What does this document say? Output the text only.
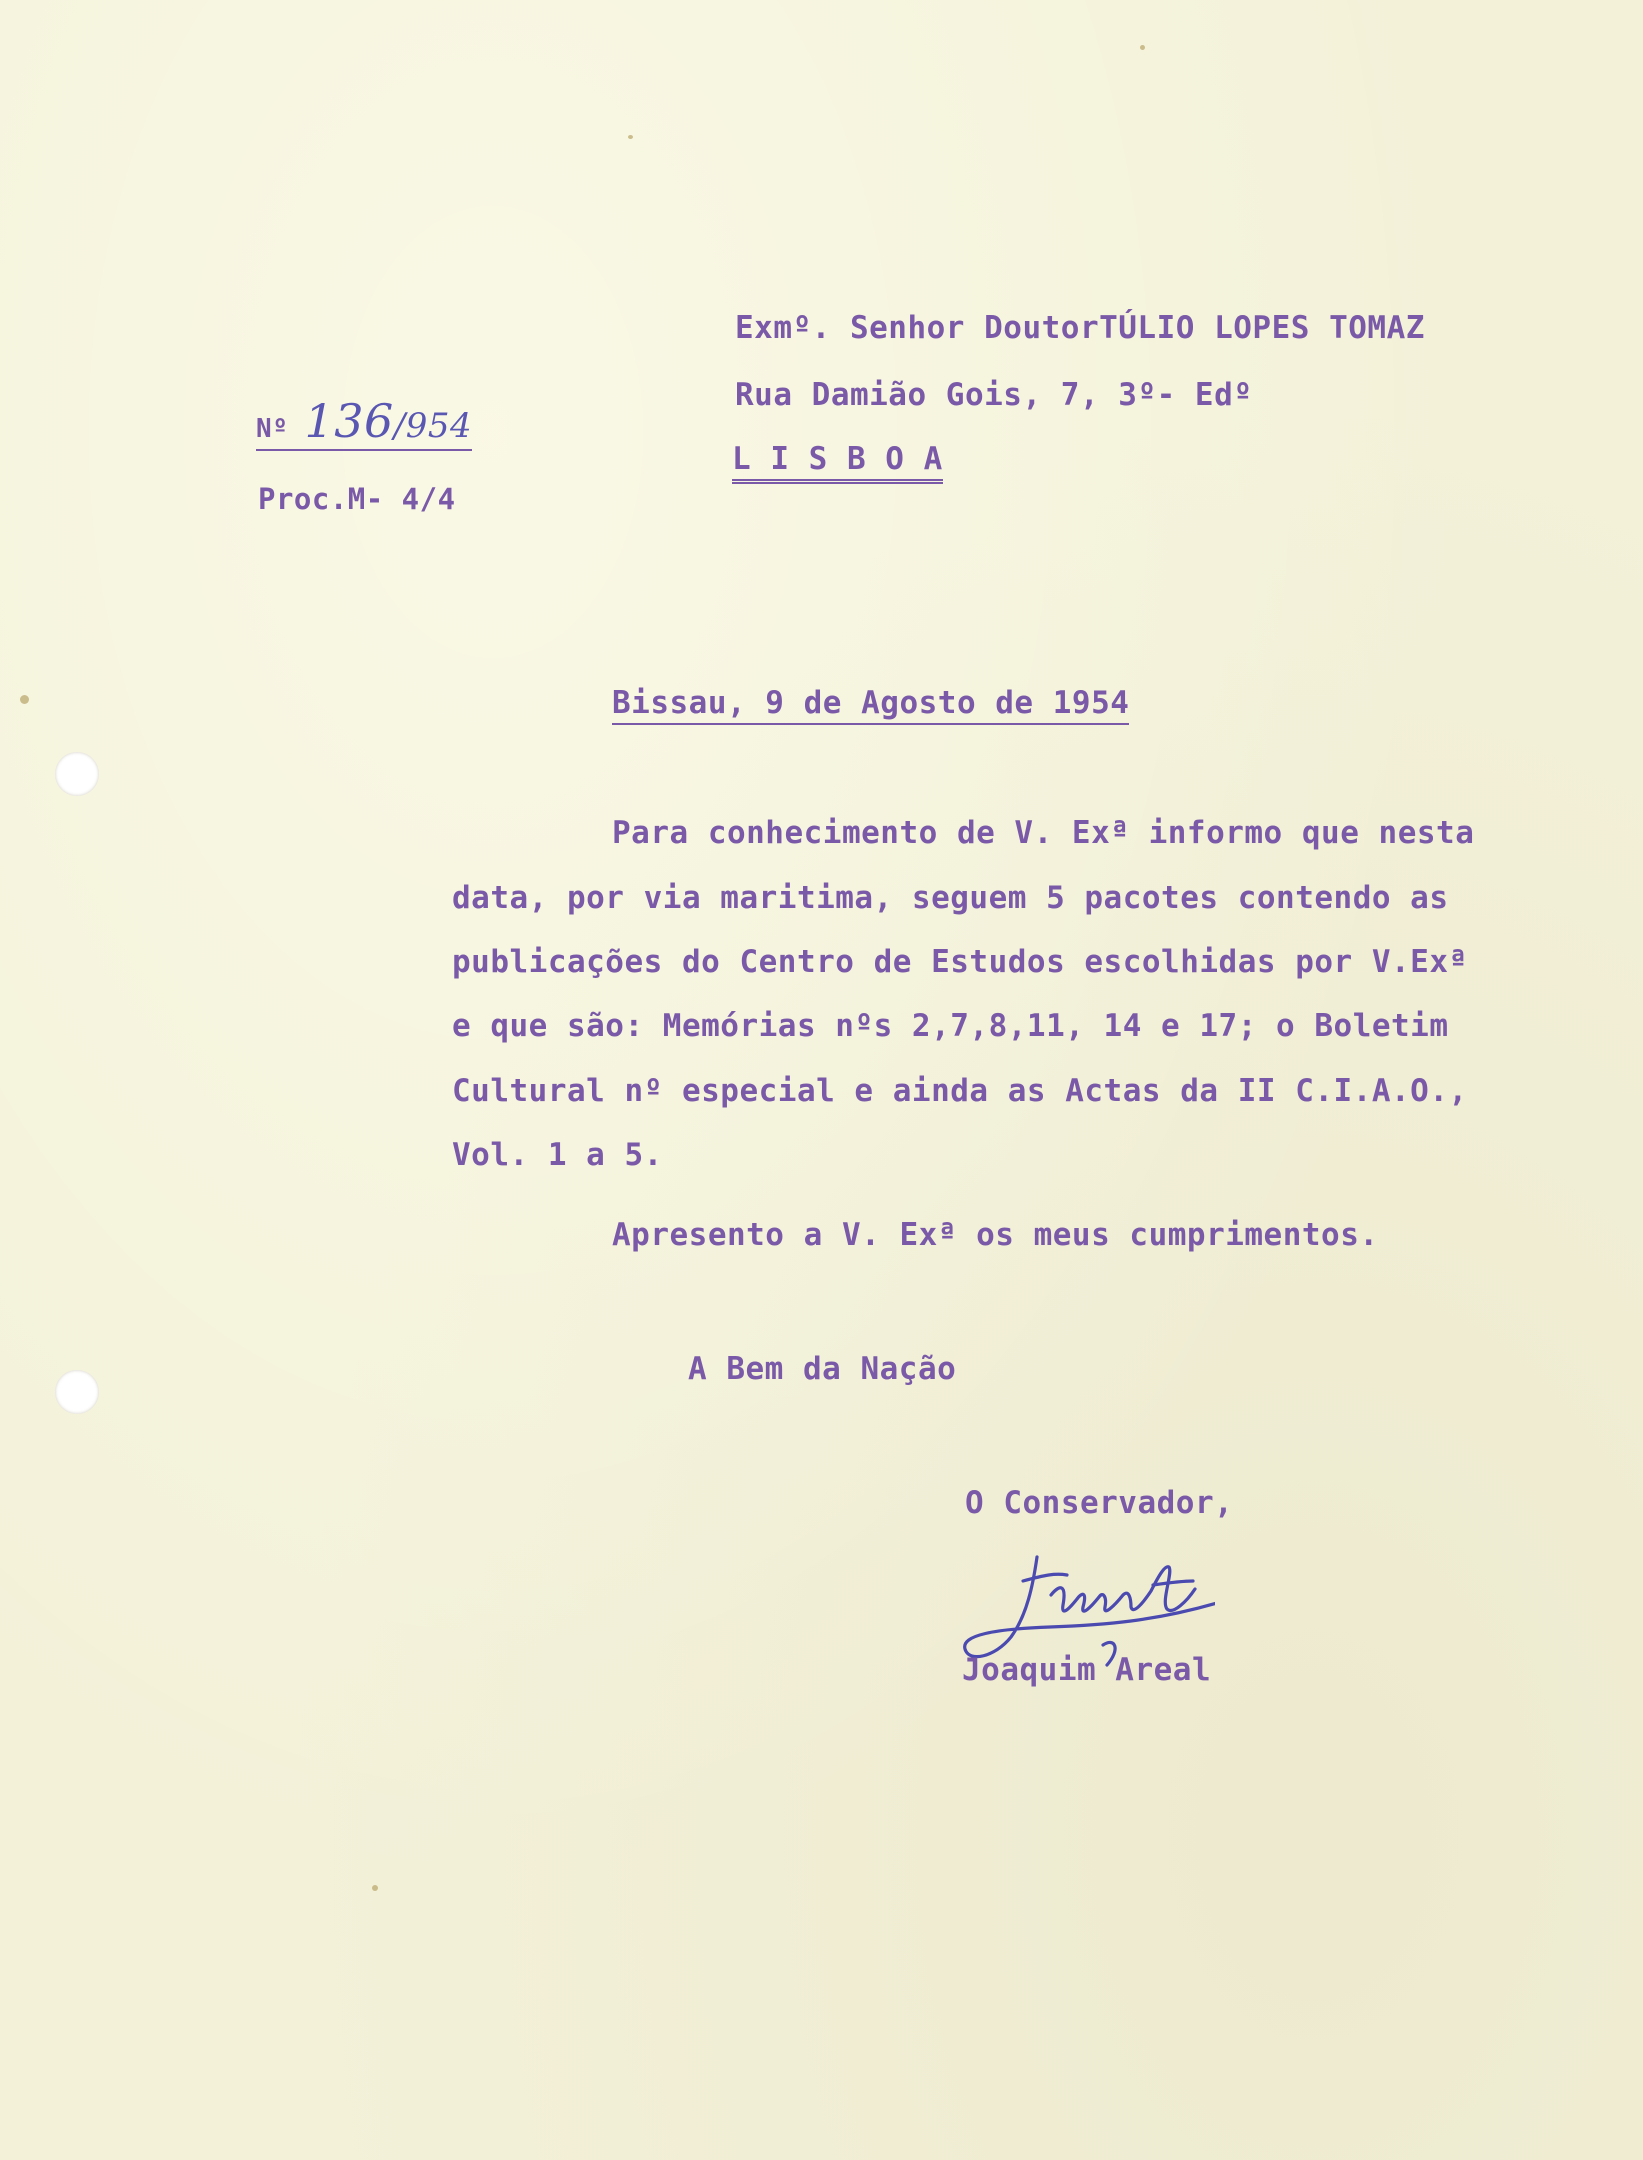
Exmº. Senhor DoutorTÚLIO LOPES TOMAZ

Rua Damião Gois, 7, 3º- Edº

L I S B O A

Nº 136/954

Proc.M- 4/4

Bissau, 9 de Agosto de 1954

Para conhecimento de V. Exª informo que nesta

data, por via maritima, seguem 5 pacotes contendo as

publicações do Centro de Estudos escolhidas por V.Exª

e que são: Memórias nºs 2,7,8,11, 14 e 17; o Boletim

Cultural nº especial e ainda as Actas da II C.I.A.O.,

Vol. 1 a 5.

Apresento a V. Exª os meus cumprimentos.

A Bem da Nação

O Conservador,

Joaquim Areal
